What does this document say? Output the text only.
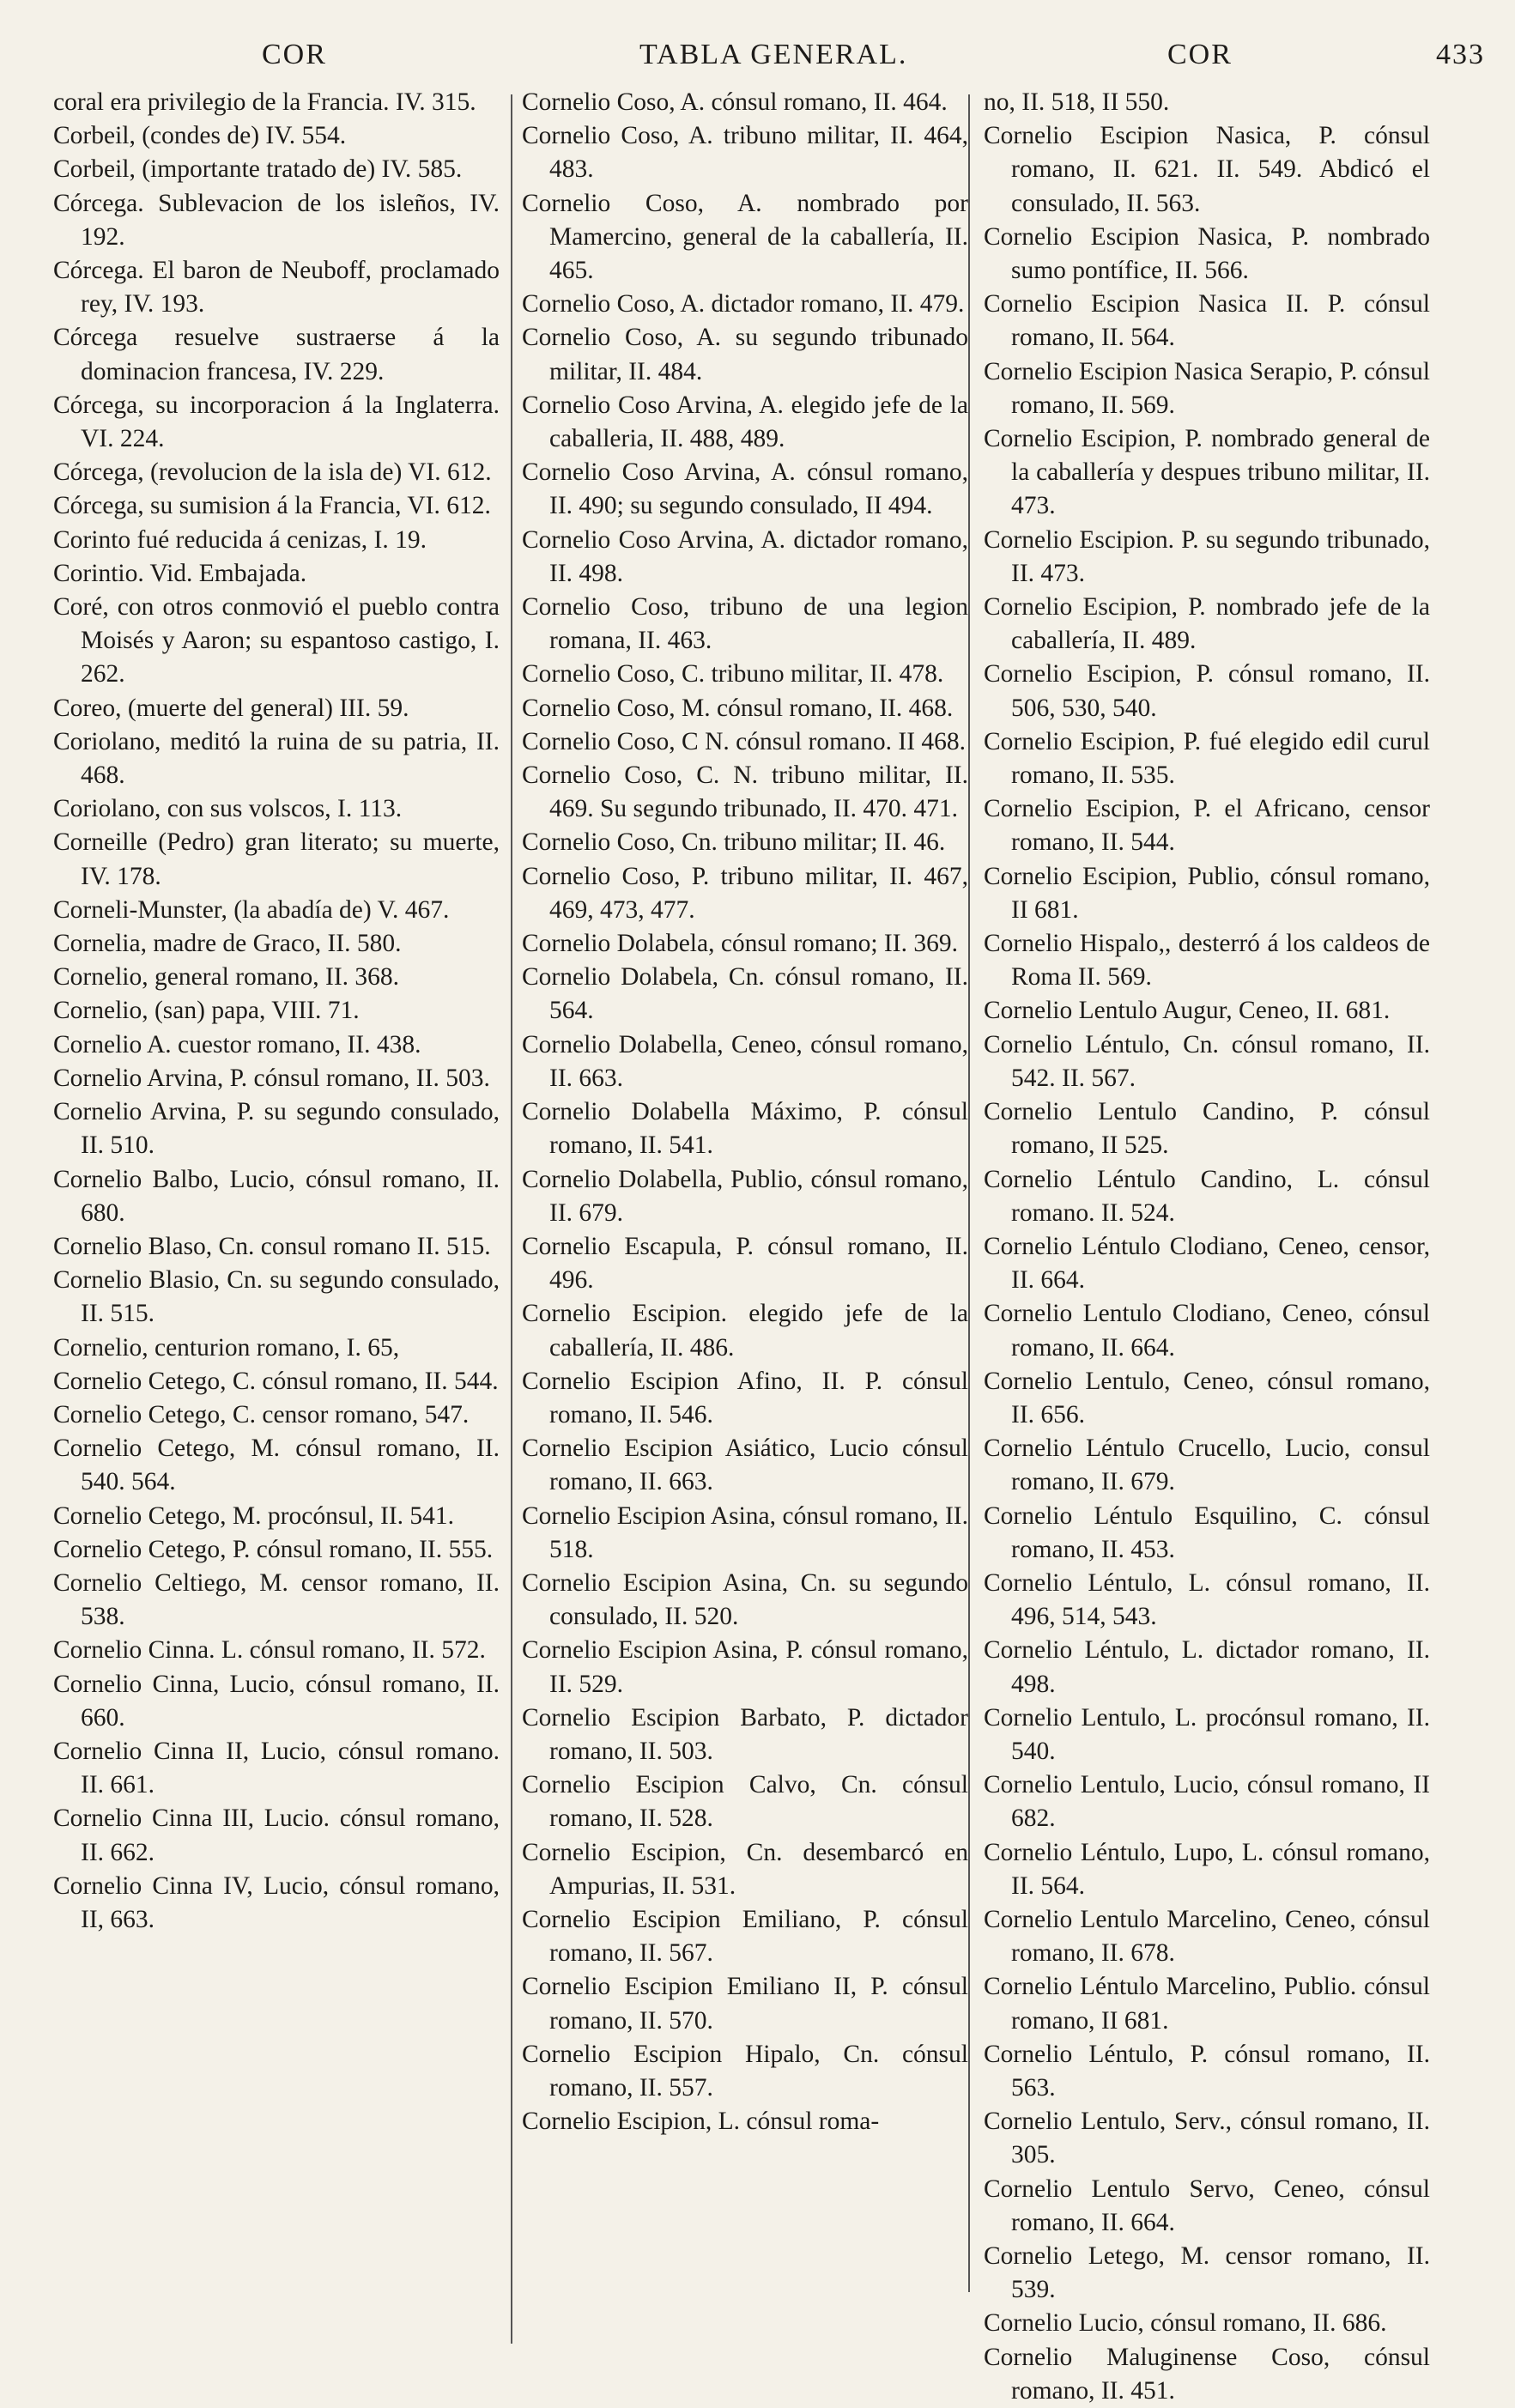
COR	TABLA GENERAL.	COR	433

coral era privilegio de la Francia. IV. 315.

Corbeil, (condes de) IV. 554.

Corbeil, (importante tratado de) IV. 585.

Córcega. Sublevacion de los isleños, IV. 192.

Córcega. El baron de Neuboff, proclamado rey, IV. 193.

Córcega resuelve sustraerse á la dominacion francesa, IV. 229.

Córcega, su incorporacion á la Inglaterra. VI. 224.

Córcega, (revolucion de la isla de) VI. 612.

Córcega, su sumision á la Francia, VI. 612.

Corinto fué reducida á cenizas, I. 19.

Corintio. Vid. Embajada.

Coré, con otros conmovió el pueblo contra Moisés y Aaron; su espantoso castigo, I. 262.

Coreo, (muerte del general) III. 59.

Coriolano, meditó la ruina de su patria, II. 468.

Coriolano, con sus volscos, I. 113.

Corneille (Pedro) gran literato; su muerte, IV. 178.

Corneli-Munster, (la abadía de) V. 467.

Cornelia, madre de Graco, II. 580.

Cornelio, general romano, II. 368.

Cornelio, (san) papa, VIII. 71.

Cornelio A. cuestor romano, II. 438.

Cornelio Arvina, P. cónsul romano, II. 503.

Cornelio Arvina, P. su segundo consulado, II. 510.

Cornelio Balbo, Lucio, cónsul romano, II. 680.

Cornelio Blaso, Cn. consul romano II. 515.

Cornelio Blasio, Cn. su segundo consulado, II. 515.

Cornelio, centurion romano, I. 65,

Cornelio Cetego, C. cónsul romano, II. 544.

Cornelio Cetego, C. censor romano, 547.

Cornelio Cetego, M. cónsul romano, II. 540. 564.

Cornelio Cetego, M. procónsul, II. 541.

Cornelio Cetego, P. cónsul romano, II. 555.

Cornelio Celtiego, M. censor romano, II. 538.

Cornelio Cinna. L. cónsul romano, II. 572.

Cornelio Cinna, Lucio, cónsul romano, II. 660.

Cornelio Cinna II, Lucio, cónsul romano. II. 661.

Cornelio Cinna III, Lucio. cónsul romano, II. 662.

Cornelio Cinna IV, Lucio, cónsul romano, II, 663.

Cornelio Coso, A. cónsul romano, II. 464.

Cornelio Coso, A. tribuno militar, II. 464, 483.

Cornelio Coso, A. nombrado por Mamercino, general de la caballería, II. 465.

Cornelio Coso, A. dictador romano, II. 479.

Cornelio Coso, A. su segundo tribunado militar, II. 484.

Cornelio Coso Arvina, A. elegido jefe de la caballeria, II. 488, 489.

Cornelio Coso Arvina, A. cónsul romano, II. 490; su segundo consulado, II 494.

Cornelio Coso Arvina, A. dictador romano, II. 498.

Cornelio Coso, tribuno de una legion romana, II. 463.

Cornelio Coso, C. tribuno militar, II. 478.

Cornelio Coso, M. cónsul romano, II. 468.

Cornelio Coso, C N. cónsul romano. II 468.

Cornelio Coso, C. N. tribuno militar, II. 469. Su segundo tribunado, II. 470. 471.

Cornelio Coso, Cn. tribuno militar; II. 46.

Cornelio Coso, P. tribuno militar, II. 467, 469, 473, 477.

Cornelio Dolabela, cónsul romano; II. 369.

Cornelio Dolabela, Cn. cónsul romano, II. 564.

Cornelio Dolabella, Ceneo, cónsul romano, II. 663.

Cornelio Dolabella Máximo, P. cónsul romano, II. 541.

Cornelio Dolabella, Publio, cónsul romano, II. 679.

Cornelio Escapula, P. cónsul romano, II. 496.

Cornelio Escipion. elegido jefe de la caballería, II. 486.

Cornelio Escipion Afino, II. P. cónsul romano, II. 546.

Cornelio Escipion Asiático, Lucio cónsul romano, II. 663.

Cornelio Escipion Asina, cónsul romano, II. 518.

Cornelio Escipion Asina, Cn. su segundo consulado, II. 520.

Cornelio Escipion Asina, P. cónsul romano, II. 529.

Cornelio Escipion Barbato, P. dictador romano, II. 503.

Cornelio Escipion Calvo, Cn. cónsul romano, II. 528.

Cornelio Escipion, Cn. desembarcó en Ampurias, II. 531.

Cornelio Escipion Emiliano, P. cónsul romano, II. 567.

Cornelio Escipion Emiliano II, P. cónsul romano, II. 570.

Cornelio Escipion Hipalo, Cn. cónsul romano, II. 557.

Cornelio Escipion, L. cónsul roma-

no, II. 518, II 550.

Cornelio Escipion Nasica, P. cónsul romano, II. 621. II. 549. Abdicó el consulado, II. 563.

Cornelio Escipion Nasica, P. nombrado sumo pontífice, II. 566.

Cornelio Escipion Nasica II. P. cónsul romano, II. 564.

Cornelio Escipion Nasica Serapio, P. cónsul romano, II. 569.

Cornelio Escipion, P. nombrado general de la caballería y despues tribuno militar, II. 473.

Cornelio Escipion. P. su segundo tribunado, II. 473.

Cornelio Escipion, P. nombrado jefe de la caballería, II. 489.

Cornelio Escipion, P. cónsul romano, II. 506, 530, 540.

Cornelio Escipion, P. fué elegido edil curul romano, II. 535.

Cornelio Escipion, P. el Africano, censor romano, II. 544.

Cornelio Escipion, Publio, cónsul romano, II 681.

Cornelio Hispalo,, desterró á los caldeos de Roma II. 569.

Cornelio Lentulo Augur, Ceneo, II. 681.

Cornelio Léntulo, Cn. cónsul romano, II. 542. II. 567.

Cornelio Lentulo Candino, P. cónsul romano, II 525.

Cornelio Léntulo Candino, L. cónsul romano. II. 524.

Cornelio Léntulo Clodiano, Ceneo, censor, II. 664.

Cornelio Lentulo Clodiano, Ceneo, cónsul romano, II. 664.

Cornelio Lentulo, Ceneo, cónsul romano, II. 656.

Cornelio Léntulo Crucello, Lucio, consul romano, II. 679.

Cornelio Léntulo Esquilino, C. cónsul romano, II. 453.

Cornelio Léntulo, L. cónsul romano, II. 496, 514, 543.

Cornelio Léntulo, L. dictador romano, II. 498.

Cornelio Lentulo, L. procónsul romano, II. 540.

Cornelio Lentulo, Lucio, cónsul romano, II 682.

Cornelio Léntulo, Lupo, L. cónsul romano, II. 564.

Cornelio Lentulo Marcelino, Ceneo, cónsul romano, II. 678.

Cornelio Léntulo Marcelino, Publio. cónsul romano, II 681.

Cornelio Léntulo, P. cónsul romano, II. 563.

Cornelio Lentulo, Serv., cónsul romano, II. 305.

Cornelio Lentulo Servo, Ceneo, cónsul romano, II. 664.

Cornelio Letego, M. censor romano, II. 539.

Cornelio Lucio, cónsul romano, II. 686.

Cornelio Maluginense Coso, cónsul romano, II. 451.
